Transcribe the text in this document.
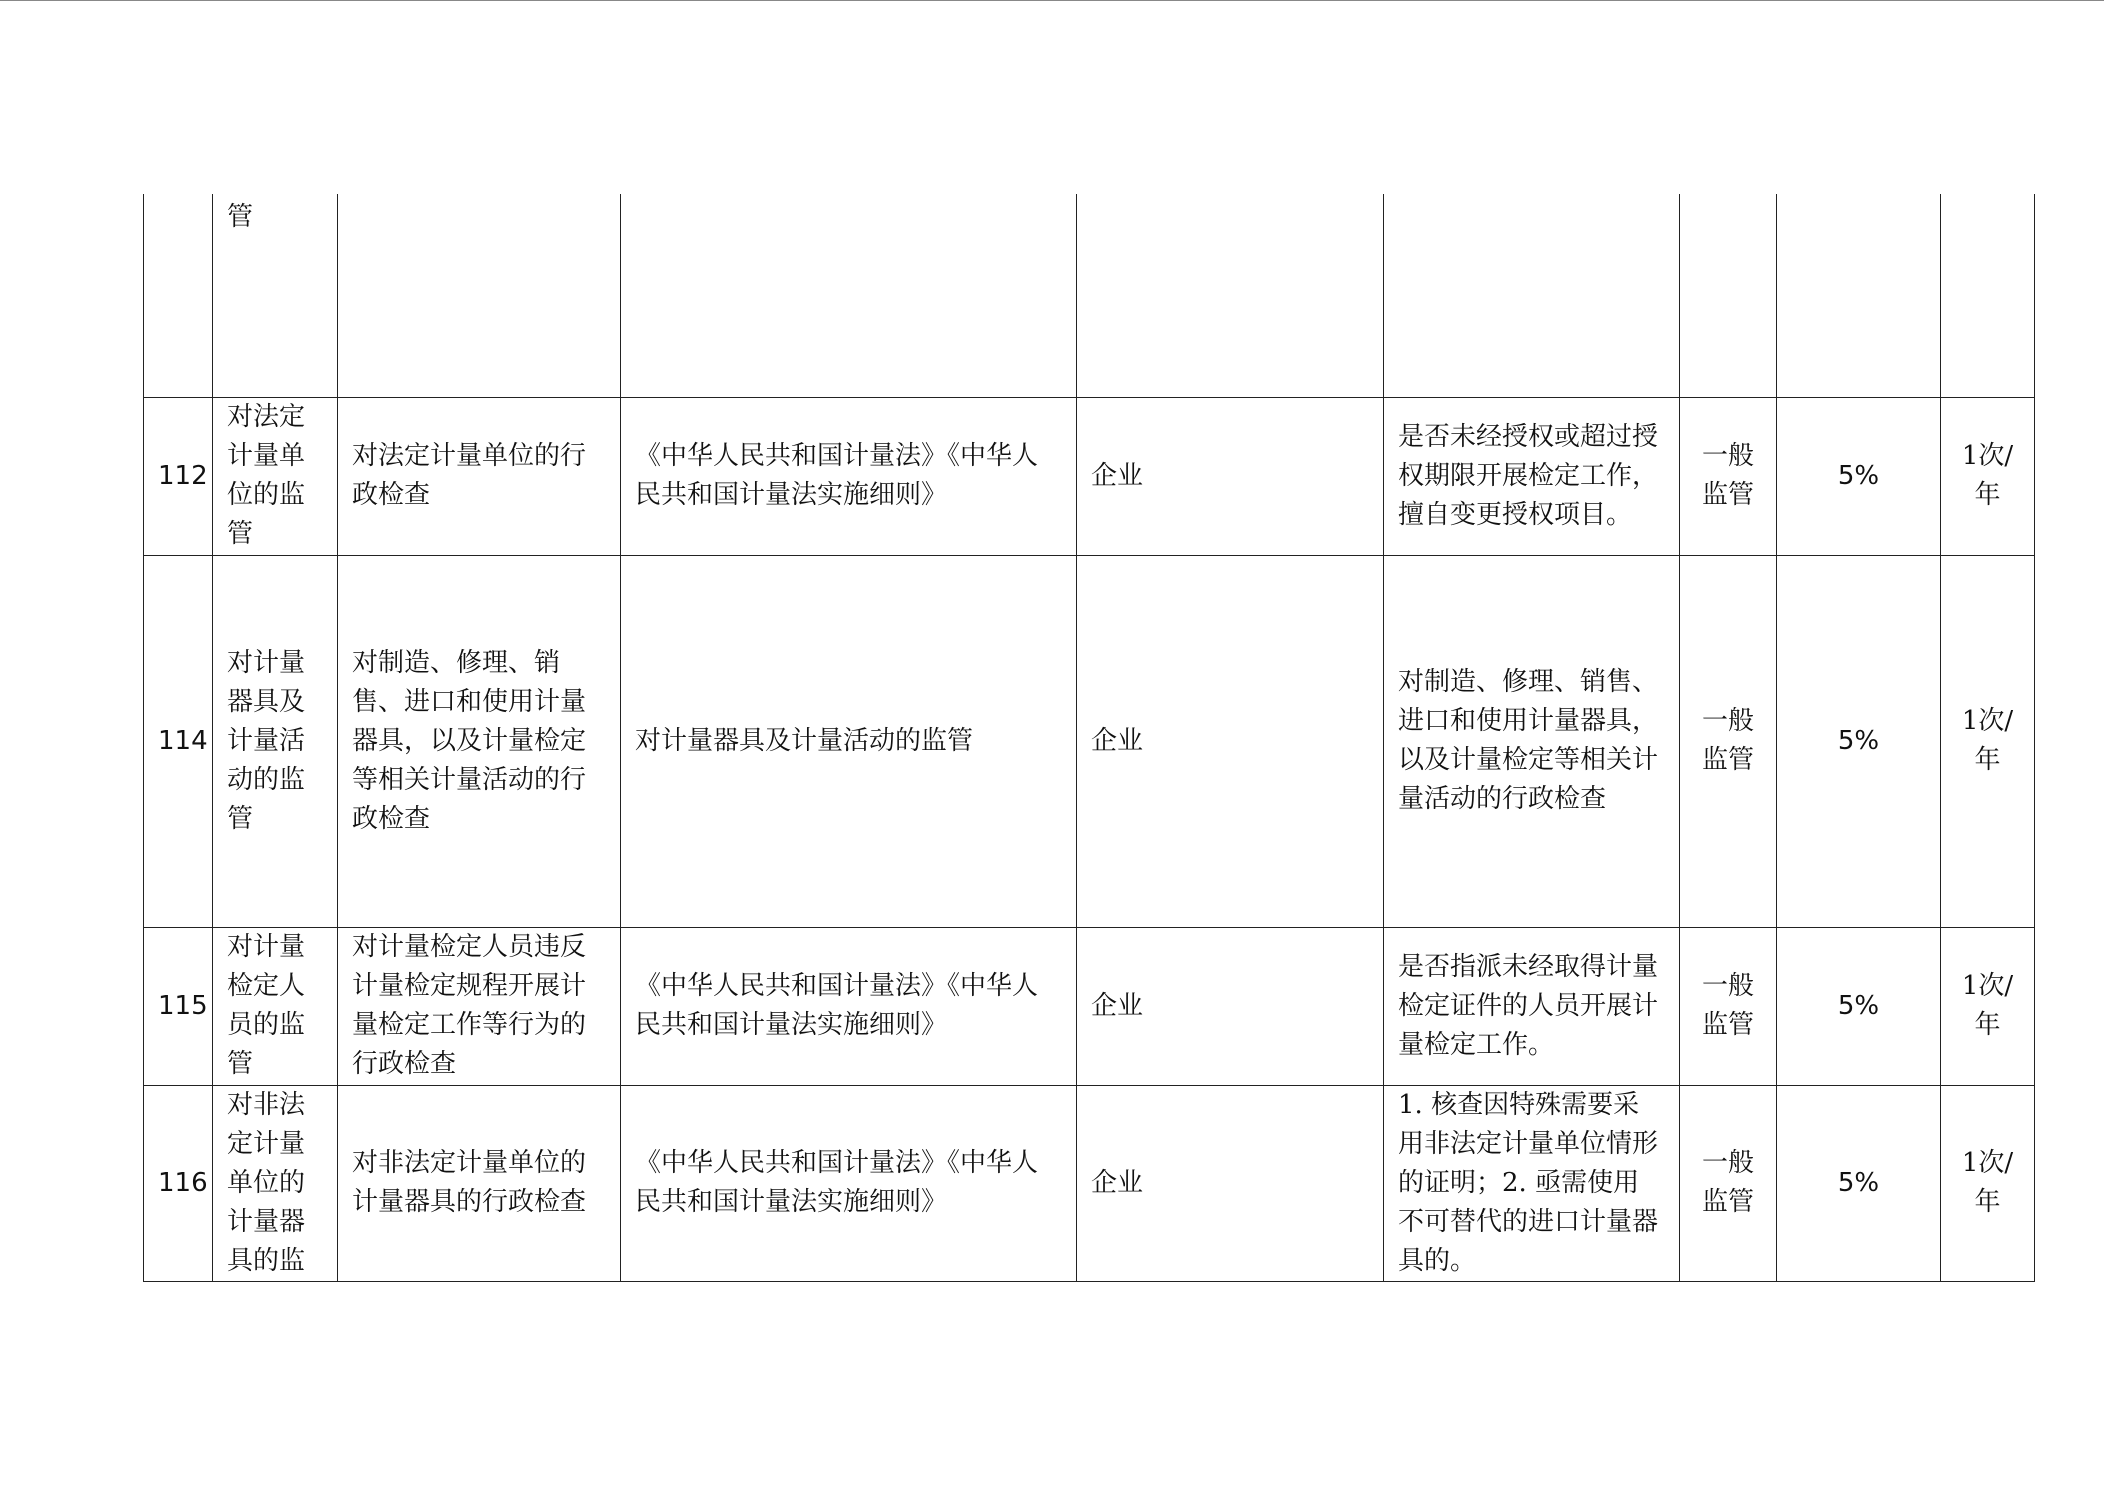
	管							

112	对法定计量单位的监管	对法定计量单位的行政检查	《中华人民共和国计量法》《中华人民共和国计量法实施细则》	企业	是否未经授权或超过授权期限开展检定工作，擅自变更授权项目。	一般监管	5%	1次/年
114	对计量器具及计量活动的监管	对制造、修理、销售、进口和使用计量器具，以及计量检定等相关计量活动的行政检查	对计量器具及计量活动的监管	企业	对制造、修理、销售、进口和使用计量器具，以及计量检定等相关计量活动的行政检查	一般监管	5%	1次/年
115	对计量检定人员的监管	对计量检定人员违反计量检定规程开展计量检定工作等行为的行政检查	《中华人民共和国计量法》《中华人民共和国计量法实施细则》	企业	是否指派未经取得计量检定证件的人员开展计量检定工作。	一般监管	5%	1次/年
116	对非法定计量单位的计量器具的监	对非法定计量单位的计量器具的行政检查	《中华人民共和国计量法》《中华人民共和国计量法实施细则》	企业	1. 核查因特殊需要采用非法定计量单位情形的证明；2. 亟需使用不可替代的进口计量器具的。	一般监管	5%	1次/年
